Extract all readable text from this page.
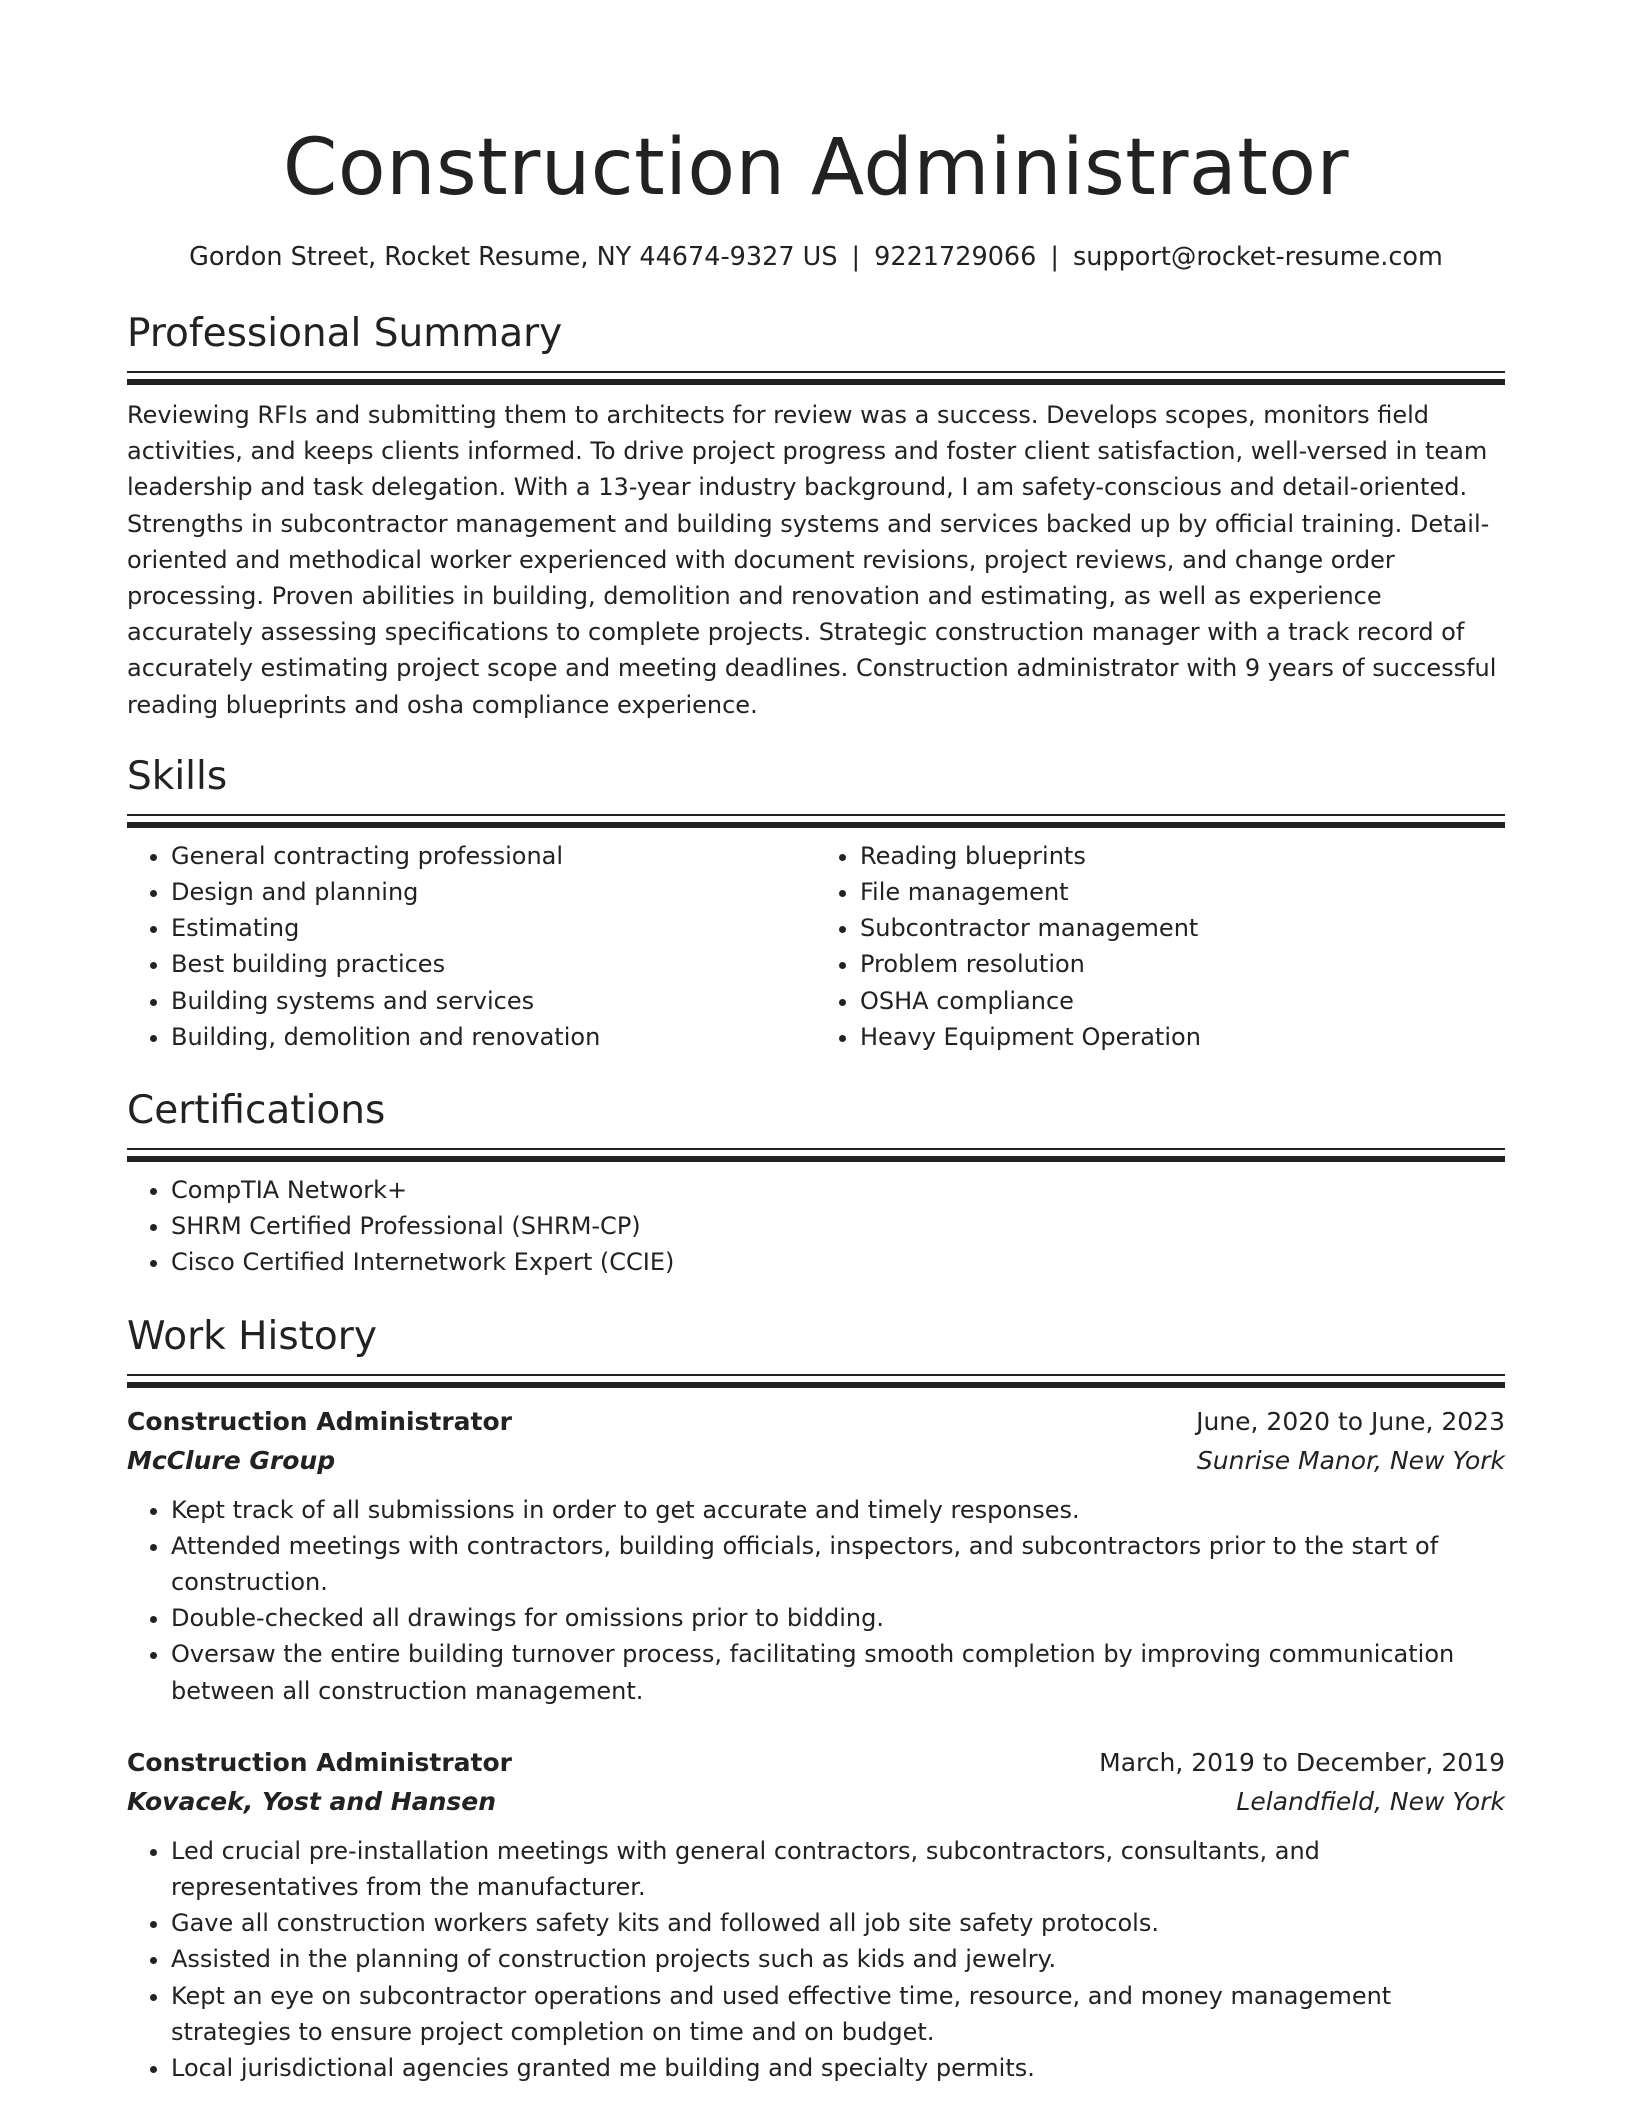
Construction Administrator
Gordon Street, Rocket Resume, NY 44674-9327 US | 9221729066 | support@rocket-resume.com
Professional Summary

Reviewing RFIs and submitting them to architects for review was a success. Develops scopes, monitors field activities, and keeps clients informed. To drive project progress and foster client satisfaction, well-versed in team leadership and task delegation. With a 13-year industry background, I am safety-conscious and detail-oriented. Strengths in subcontractor management and building systems and services backed up by official training. Detail-oriented and methodical worker experienced with document revisions, project reviews, and change order processing. Proven abilities in building, demolition and renovation and estimating, as well as experience accurately assessing specifications to complete projects. Strategic construction manager with a track record of accurately estimating project scope and meeting deadlines. Construction administrator with 9 years of successful reading blueprints and osha compliance experience.

Skills
• General contracting professional
• Design and planning
• Estimating
• Best building practices
• Building systems and services
• Building, demolition and renovation
• Reading blueprints
• File management
• Subcontractor management
• Problem resolution
• OSHA compliance
• Heavy Equipment Operation
Certifications
• CompTIA Network+
• SHRM Certified Professional (SHRM-CP)
• Cisco Certified Internetwork Expert (CCIE)
Work History
Construction Administrator	June, 2020 to June, 2023
McClure Group	Sunrise Manor, New York
• Kept track of all submissions in order to get accurate and timely responses.
• Attended meetings with contractors, building officials, inspectors, and subcontractors prior to the start of construction.
• Double-checked all drawings for omissions prior to bidding.
• Oversaw the entire building turnover process, facilitating smooth completion by improving communication between all construction management.
Construction Administrator	March, 2019 to December, 2019
Kovacek, Yost and Hansen	Lelandfield, New York
• Led crucial pre-installation meetings with general contractors, subcontractors, consultants, and representatives from the manufacturer.
• Gave all construction workers safety kits and followed all job site safety protocols.
• Assisted in the planning of construction projects such as kids and jewelry.
• Kept an eye on subcontractor operations and used effective time, resource, and money management strategies to ensure project completion on time and on budget.
• Local jurisdictional agencies granted me building and specialty permits.
